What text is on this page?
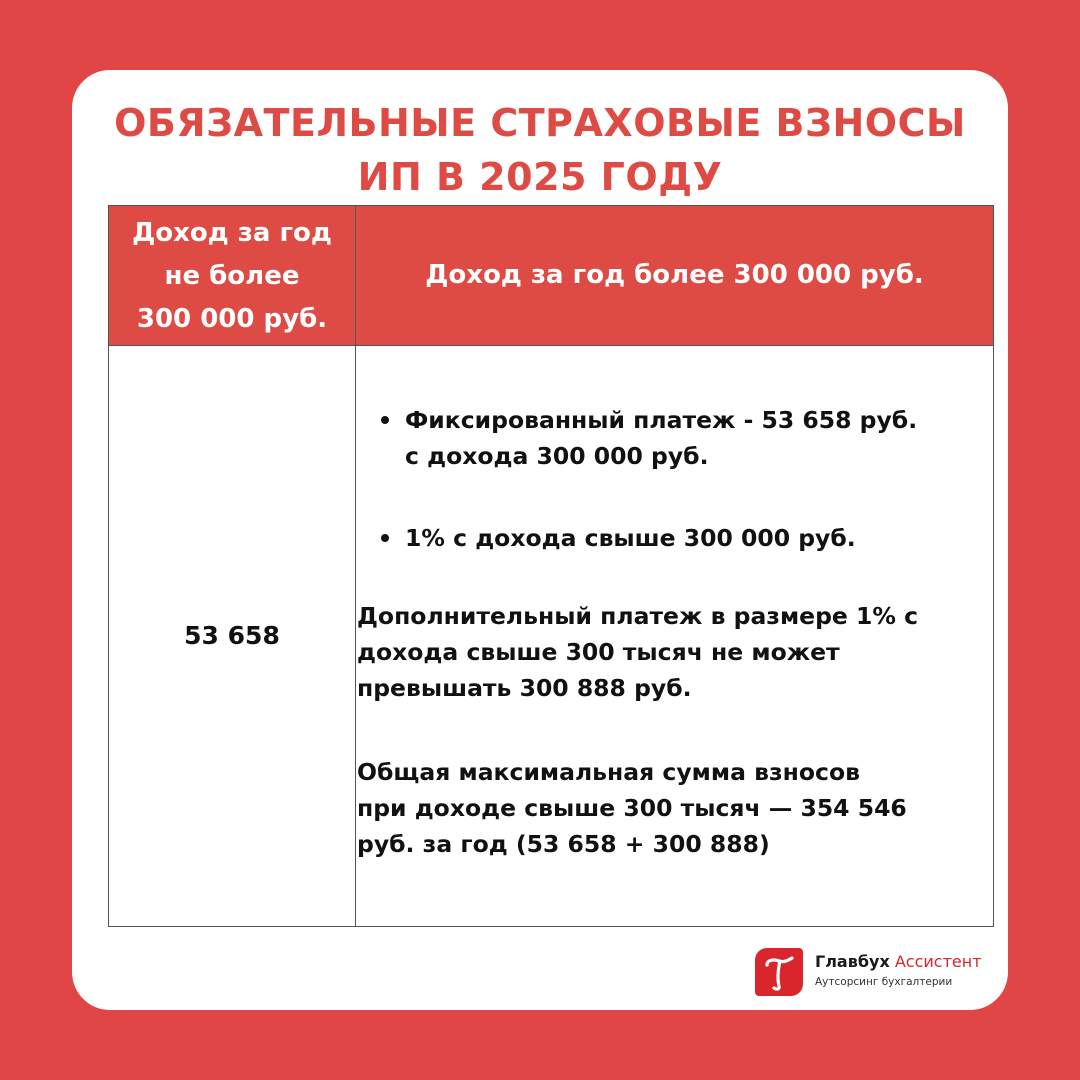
ОБЯЗАТЕЛЬНЫЕ СТРАХОВЫЕ ВЗНОСЫ
ИП В 2025 ГОДУ
Доход за год
не более
300 000 руб.
Доход за год более 300 000 руб.
53 658
Фиксированный платеж - 53 658 руб.
с дохода 300 000 руб.
1% с дохода свыше 300 000 руб.
Дополнительный платеж в размере 1% с
дохода свыше 300 тысяч не может
превышать 300 888 руб.
Общая максимальная сумма взносов
при доходе свыше 300 тысяч — 354 546
руб. за год (53 658 + 300 888)
Главбух Ассистент
Аутсорсинг бухгалтерии
